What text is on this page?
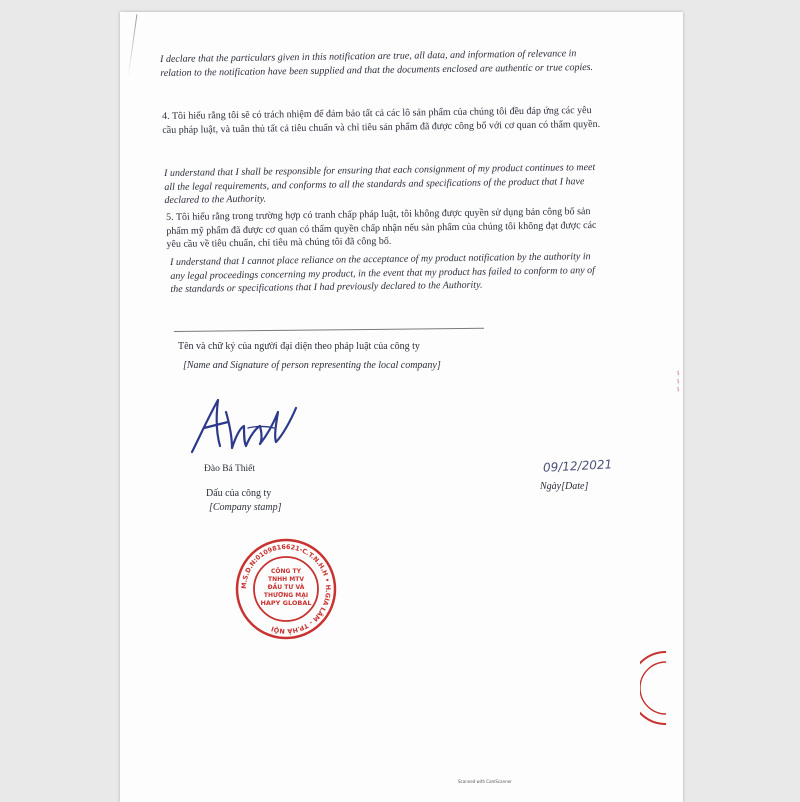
I declare that the particulars given in this notification are true, all data, and information of relevance in relation to the notification have been supplied and that the documents enclosed are authentic or true copies.

4. Tôi hiểu rằng tôi sẽ có trách nhiệm để đảm bảo tất cả các lô sản phẩm của chúng tôi đều đáp ứng các yêu cầu pháp luật, và tuân thủ tất cả tiêu chuẩn và chỉ tiêu sản phẩm đã được công bố với cơ quan có thẩm quyền.

I understand that I shall be responsible for ensuring that each consignment of my product continues to meet all the legal requirements, and conforms to all the standards and specifications of the product that I have declared to the Authority.

5. Tôi hiểu rằng trong trường hợp có tranh chấp pháp luật, tôi không được quyền sử dụng bản công bố sản phẩm mỹ phẩm đã được cơ quan có thẩm quyền chấp nhận nếu sản phẩm của chúng tôi không đạt được các yêu cầu về tiêu chuẩn, chỉ tiêu mà chúng tôi đã công bố.

I understand that I cannot place reliance on the acceptance of my product notification by the authority in any legal proceedings concerning my product, in the event that my product has failed to conform to any of the standards or specifications that I had previously declared to the Authority.

Tên và chữ ký của người đại diện theo pháp luật của công ty
[Name and Signature of person representing the local company]
Đào Bá Thiết
Dấu của công ty
[Company stamp]
09/12/2021
Ngày[Date]
M.S.D.N:0109816621-C.T.N.H.H • H.GIA LÂM - TP.HÀ NỘI
CÔNG TY
TNHH MTV
ĐẦU TƯ VÀ
THƯƠNG MẠI
HAPY GLOBAL
∽ ∽ ∽
Scanned with CamScanner
